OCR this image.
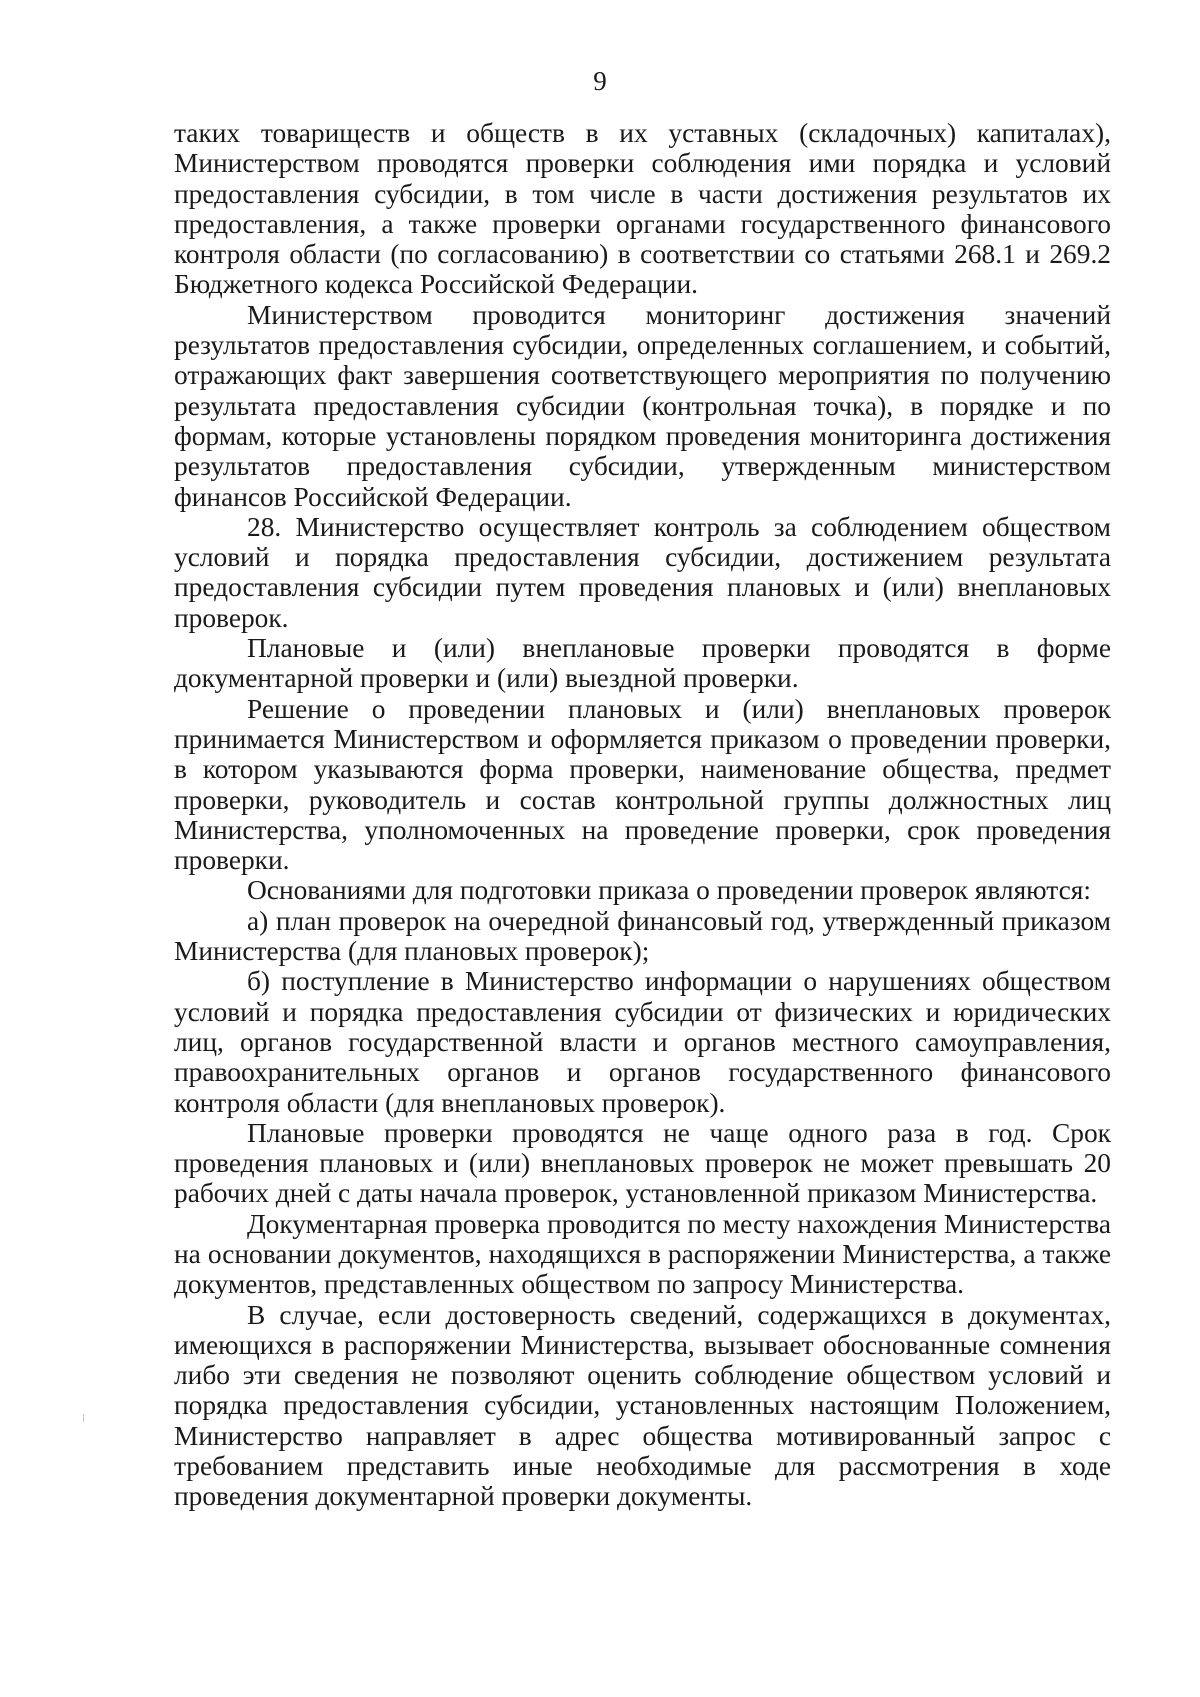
9

таких товариществ и обществ в их уставных (складочных) капиталах), Министерством проводятся проверки соблюдения ими порядка и условий предоставления субсидии, в том числе в части достижения результатов их предоставления, а также проверки органами государственного финансового контроля области (по согласованию) в соответствии со статьями 268.1 и 269.2 Бюджетного кодекса Российской Федерации.

Министерством проводится мониторинг достижения значений результатов предоставления субсидии, определенных соглашением, и событий, отражающих факт завершения соответствующего мероприятия по получению результата предоставления субсидии (контрольная точка), в порядке и по формам, которые установлены порядком проведения мониторинга достижения результатов предоставления субсидии, утвержденным министерством финансов Российской Федерации.

28. Министерство осуществляет контроль за соблюдением обществом условий и порядка предоставления субсидии, достижением результата предоставления субсидии путем проведения плановых и (или) внеплановых проверок.

Плановые и (или) внеплановые проверки проводятся в форме документарной проверки и (или) выездной проверки.

Решение о проведении плановых и (или) внеплановых проверок принимается Министерством и оформляется приказом о проведении проверки, в котором указываются форма проверки, наименование общества, предмет проверки, руководитель и состав контрольной группы должностных лиц Министерства, уполномоченных на проведение проверки, срок проведения проверки.

Основаниями для подготовки приказа о проведении проверок являются:

а) план проверок на очередной финансовый год, утвержденный приказом Министерства (для плановых проверок);

б) поступление в Министерство информации о нарушениях обществом условий и порядка предоставления субсидии от физических и юридических лиц, органов государственной власти и органов местного самоуправления, правоохранительных органов и органов государственного финансового контроля области (для внеплановых проверок).

Плановые проверки проводятся не чаще одного раза в год. Срок проведения плановых и (или) внеплановых проверок не может превышать 20 рабочих дней с даты начала проверок, установленной приказом Министерства.

Документарная проверка проводится по месту нахождения Министерства на основании документов, находящихся в распоряжении Министерства, а также документов, представленных обществом по запросу Министерства.

В случае, если достоверность сведений, содержащихся в документах, имеющихся в распоряжении Министерства, вызывает обоснованные сомнения либо эти сведения не позволяют оценить соблюдение обществом условий и порядка предоставления субсидии, установленных настоящим Положением, Министерство направляет в адрес общества мотивированный запрос с требованием представить иные необходимые для рассмотрения в ходе проведения документарной проверки документы.
